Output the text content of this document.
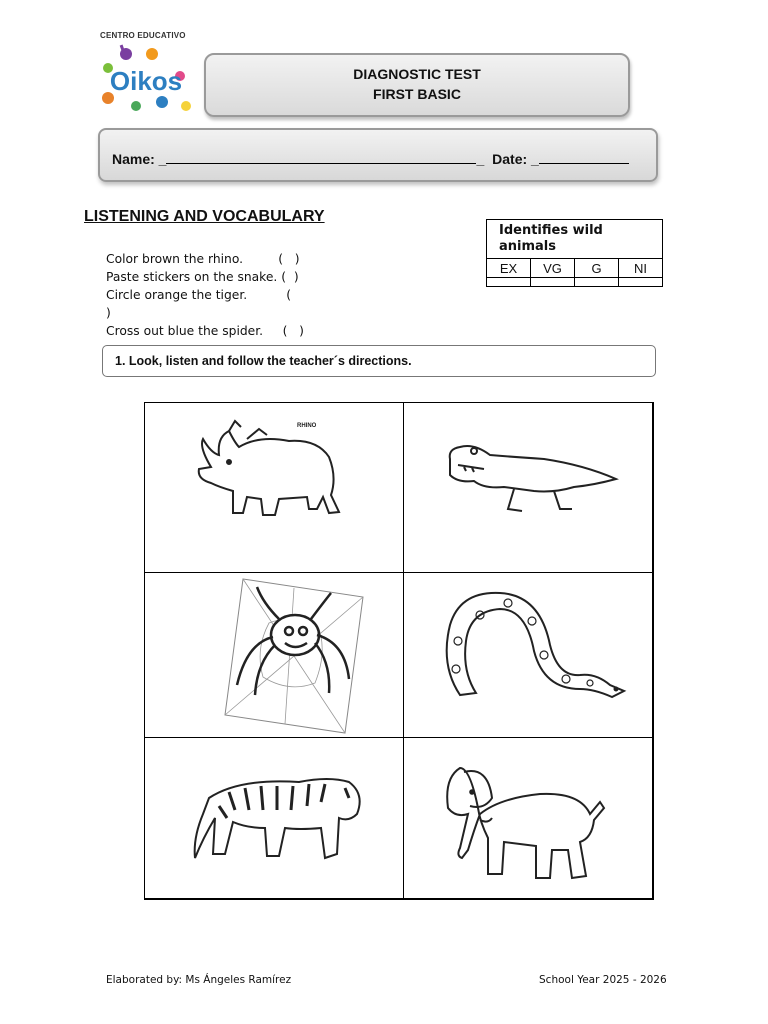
CENTRO EDUCATIVO
Oikos	DIAGNOSTIC TEST
FIRST BASIC
Name: _	_ Date: _
LISTENING AND VOCABULARY
Color brown the rhino.         (   )
Paste stickers on the snake. (  )
Circle orange the tiger.          (
)
Cross out blue the spider.     (   )
Identifies wild animals			
EX	VG	G	NI

1. Look, listen and follow the teacher´s directions.
RHINO
Elaborated by: Ms Ángeles Ramírez	School Year 2025 - 2026
